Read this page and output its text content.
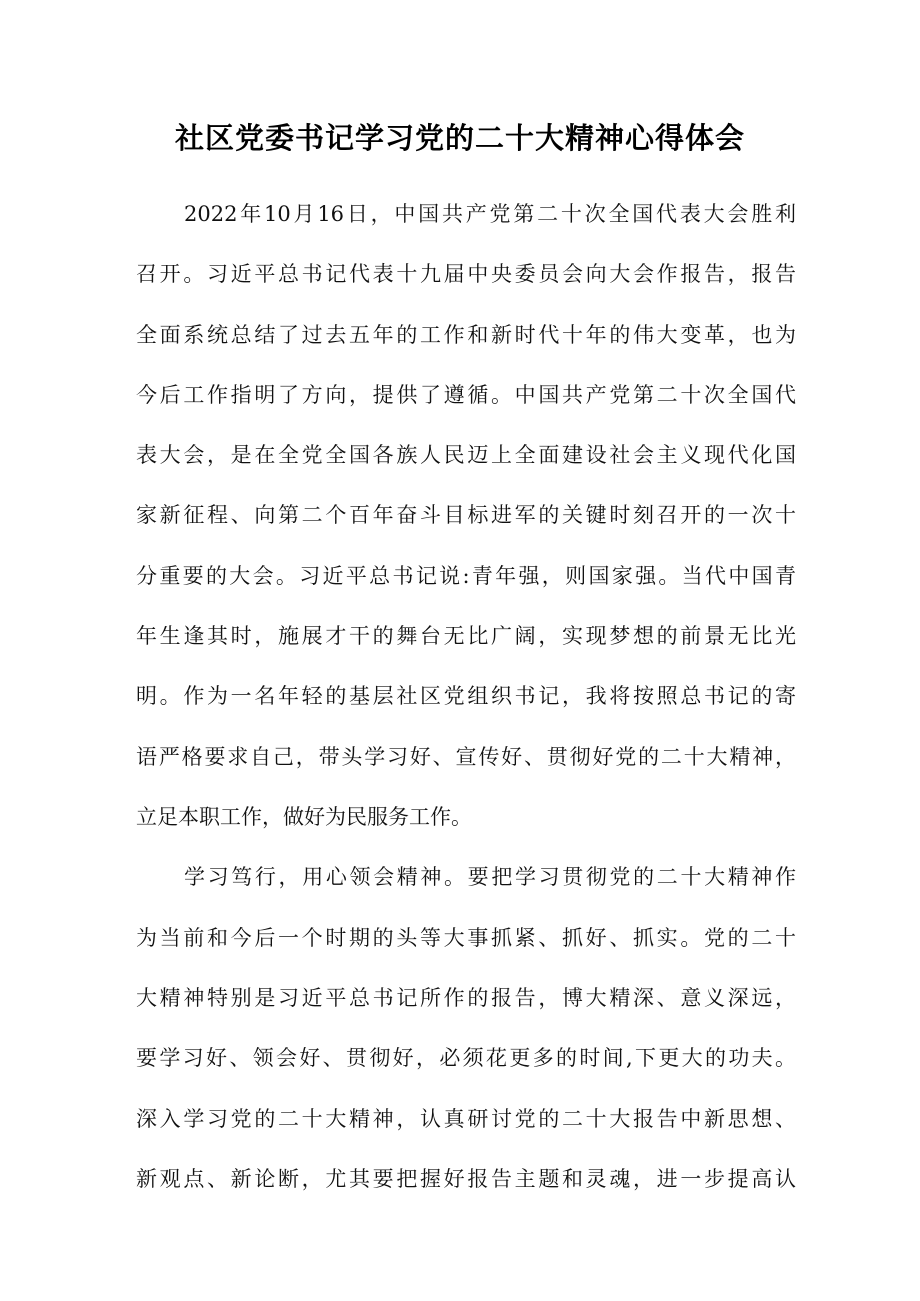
社区党委书记学习党的二十大精神心得体会
2022年10月16日，中国共产党第二十次全国代表大会胜利
召开。习近平总书记代表十九届中央委员会向大会作报告，报告
全面系统总结了过去五年的工作和新时代十年的伟大变革，也为
今后工作指明了方向，提供了遵循。中国共产党第二十次全国代
表大会，是在全党全国各族人民迈上全面建设社会主义现代化国
家新征程、向第二个百年奋斗目标进军的关键时刻召开的一次十
分重要的大会。习近平总书记说:青年强，则国家强。当代中国青
年生逢其时，施展才干的舞台无比广阔，实现梦想的前景无比光
明。作为一名年轻的基层社区党组织书记，我将按照总书记的寄
语严格要求自己，带头学习好、宣传好、贯彻好党的二十大精神，
立足本职工作，做好为民服务工作。
学习笃行，用心领会精神。要把学习贯彻党的二十大精神作
为当前和今后一个时期的头等大事抓紧、抓好、抓实。党的二十
大精神特别是习近平总书记所作的报告，博大精深、意义深远，
要学习好、领会好、贯彻好，必须花更多的时间,下更大的功夫。
深入学习党的二十大精神，认真研讨党的二十大报告中新思想、
新观点、新论断，尤其要把握好报告主题和灵魂，进一步提高认
